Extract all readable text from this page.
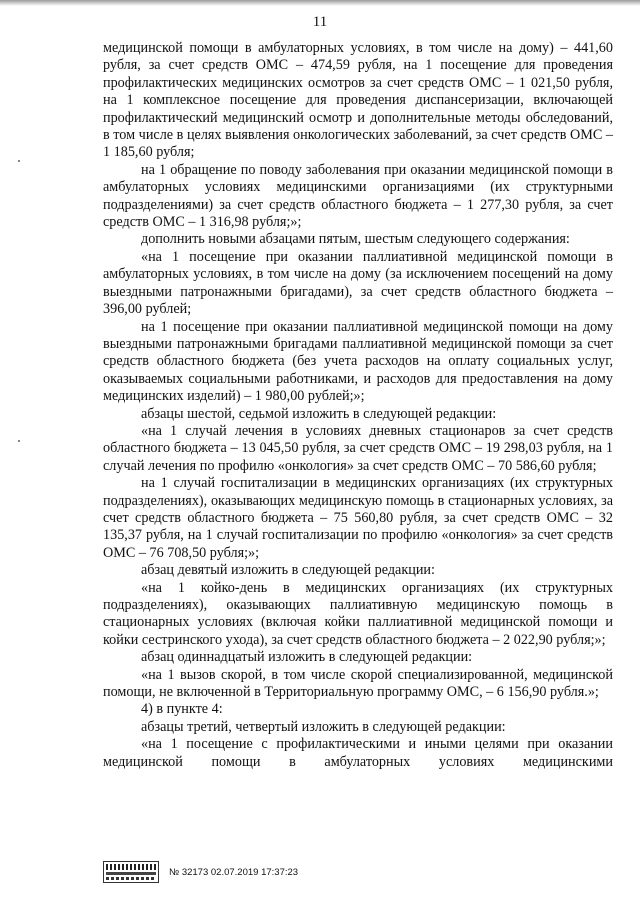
11

медицинской помощи в амбулаторных условиях, в том числе на дому) – 441,60 рубля, за счет средств ОМС – 474,59 рубля, на 1 посещение для проведения профилактических медицинских осмотров за счет средств ОМС – 1 021,50 рубля, на 1 комплексное посещение для проведения диспансеризации, включающей профилактический медицинский осмотр и дополнительные методы обследований, в том числе в целях выявления онкологических заболеваний, за счет средств ОМС – 1 185,60 рубля;

на 1 обращение по поводу заболевания при оказании медицинской помощи в амбулаторных условиях медицинскими организациями (их структурными подразделениями) за счет средств областного бюджета – 1 277,30 рубля, за счет средств ОМС – 1 316,98 рубля;»;

дополнить новыми абзацами пятым, шестым следующего содержания:

«на 1 посещение при оказании паллиативной медицинской помощи в амбулаторных условиях, в том числе на дому (за исключением посещений на дому выездными патронажными бригадами), за счет средств областного бюджета – 396,00 рублей;

на 1 посещение при оказании паллиативной медицинской помощи на дому выездными патронажными бригадами паллиативной медицинской помощи за счет средств областного бюджета (без учета расходов на оплату социальных услуг, оказываемых социальными работниками, и расходов для предоставления на дому медицинских изделий) – 1 980,00 рублей;»;

абзацы шестой, седьмой изложить в следующей редакции:

«на 1 случай лечения в условиях дневных стационаров за счет средств областного бюджета – 13 045,50 рубля, за счет средств ОМС – 19 298,03 рубля, на 1 случай лечения по профилю «онкология» за счет средств ОМС – 70 586,60 рубля;

на 1 случай госпитализации в медицинских организациях (их структурных подразделениях), оказывающих медицинскую помощь в стационарных условиях, за счет средств областного бюджета – 75 560,80 рубля, за счет средств ОМС – 32 135,37 рубля, на 1 случай госпитализации по профилю «онкология» за счет средств ОМС – 76 708,50 рубля;»;

абзац девятый изложить в следующей редакции:

«на 1 койко-день в медицинских организациях (их структурных подразделениях), оказывающих паллиативную медицинскую помощь в стационарных условиях (включая койки паллиативной медицинской помощи и койки сестринского ухода), за счет средств областного бюджета – 2 022,90 рубля;»;

абзац одиннадцатый изложить в следующей редакции:

«на 1 вызов скорой, в том числе скорой специализированной, медицинской помощи, не включенной в Территориальную программу ОМС, – 6 156,90 рубля.»;

4) в пункте 4:

абзацы третий, четвертый изложить в следующей редакции:

«на 1 посещение с профилактическими и иными целями при оказании медицинской помощи в амбулаторных условиях медицинскими

№ 32173 02.07.2019 17:37:23
